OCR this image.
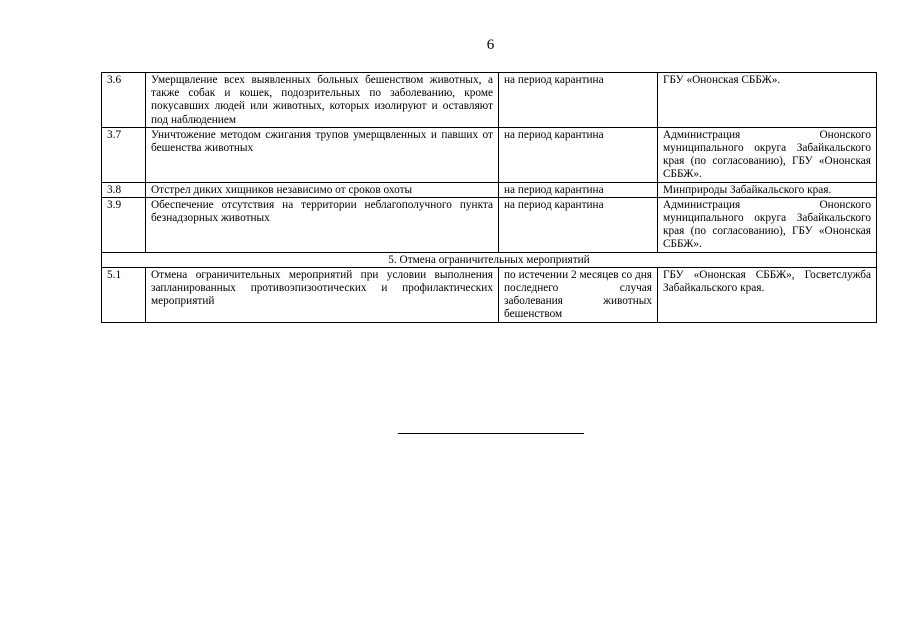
6
3.6	Умерщвление всех выявленных больных бешенством животных, а также собак и кошек, подозрительных по заболеванию, кроме покусавших людей или животных, которых изолируют и оставляют под наблюдением	на период карантина	ГБУ «Ононская СББЖ».
3.7	Уничтожение методом сжигания трупов умерщвленных и павших от бешенства животных	на период карантина	Администрация Ононского муниципального округа Забайкальского края (по согласованию), ГБУ «Ононская СББЖ».
3.8	Отстрел диких хищников независимо от сроков охоты	на период карантина	Минприроды Забайкальского края.
3.9	Обеспечение отсутствия на территории неблагополучного пункта безнадзорных животных	на период карантина	Администрация Ононского муниципального округа Забайкальского края (по согласованию), ГБУ «Ононская СББЖ».
5. Отмена ограничительных мероприятий			
5.1	Отмена ограничительных мероприятий при условии выполнения запланированных противоэпизоотических и профилактических мероприятий	по истечении 2 месяцев со дня последнего случая заболевания животных бешенством	ГБУ «Ононская СББЖ», Госветслужба Забайкальского края.
